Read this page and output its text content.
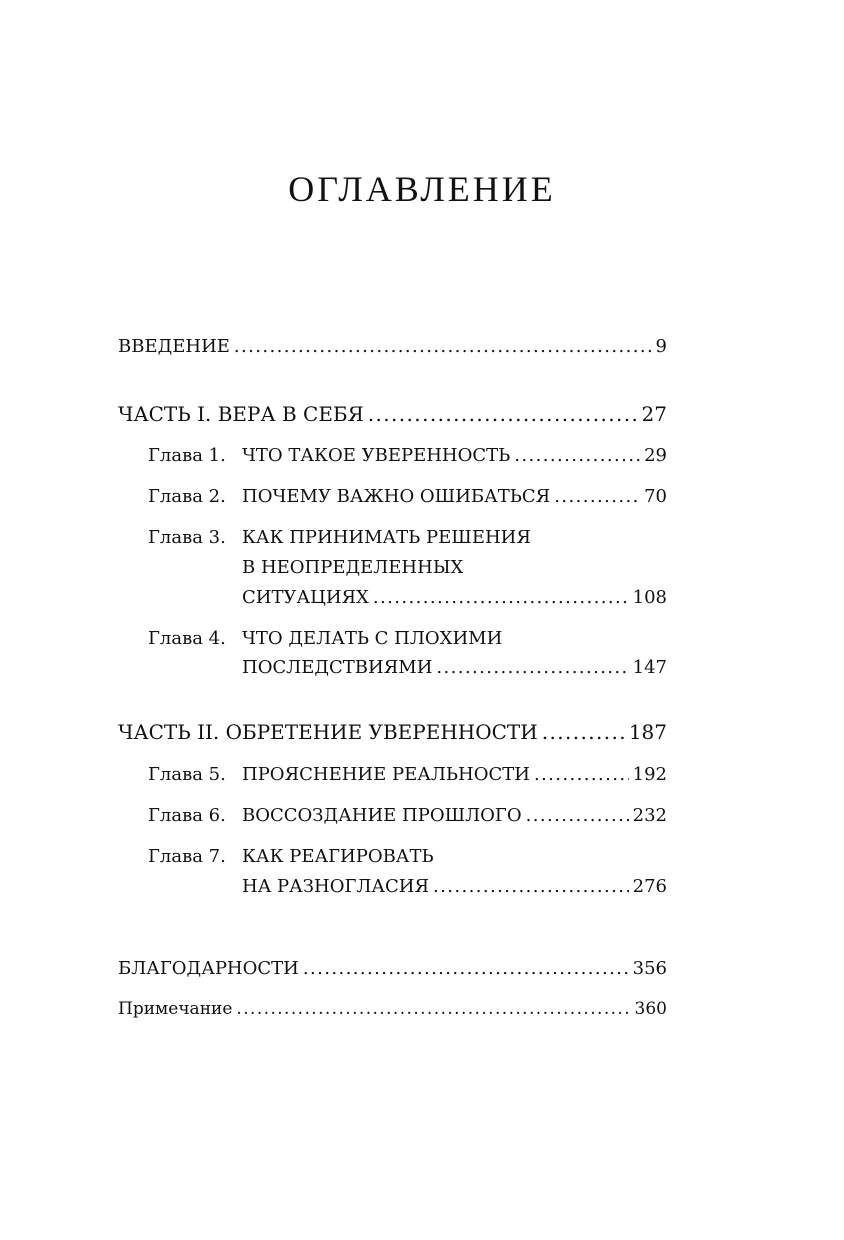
ОГЛАВЛЕНИЕ
ВВЕДЕНИЕ .....	9
ЧАСТЬ I. ВЕРА В СЕБЯ .....	27
Глава 1. ЧТО ТАКОЕ УВЕРЕННОСТЬ .....	29
Глава 2. ПОЧЕМУ ВАЖНО ОШИБАТЬСЯ .....	70
Глава 3. КАК ПРИНИМАТЬ РЕШЕНИЯ
В НЕОПРЕДЕЛЕННЫХ
СИТУАЦИЯХ .....	108
Глава 4. ЧТО ДЕЛАТЬ С ПЛОХИМИ
ПОСЛЕДСТВИЯМИ .....	147
ЧАСТЬ II. ОБРЕТЕНИЕ УВЕРЕННОСТИ .....	187
Глава 5. ПРОЯСНЕНИЕ РЕАЛЬНОСТИ .....	192
Глава 6. ВОССОЗДАНИЕ ПРОШЛОГО .....	232
Глава 7. КАК РЕАГИРОВАТЬ
НА РАЗНОГЛАСИЯ .....	276
БЛАГОДАРНОСТИ .....	356
Примечание .....	360
